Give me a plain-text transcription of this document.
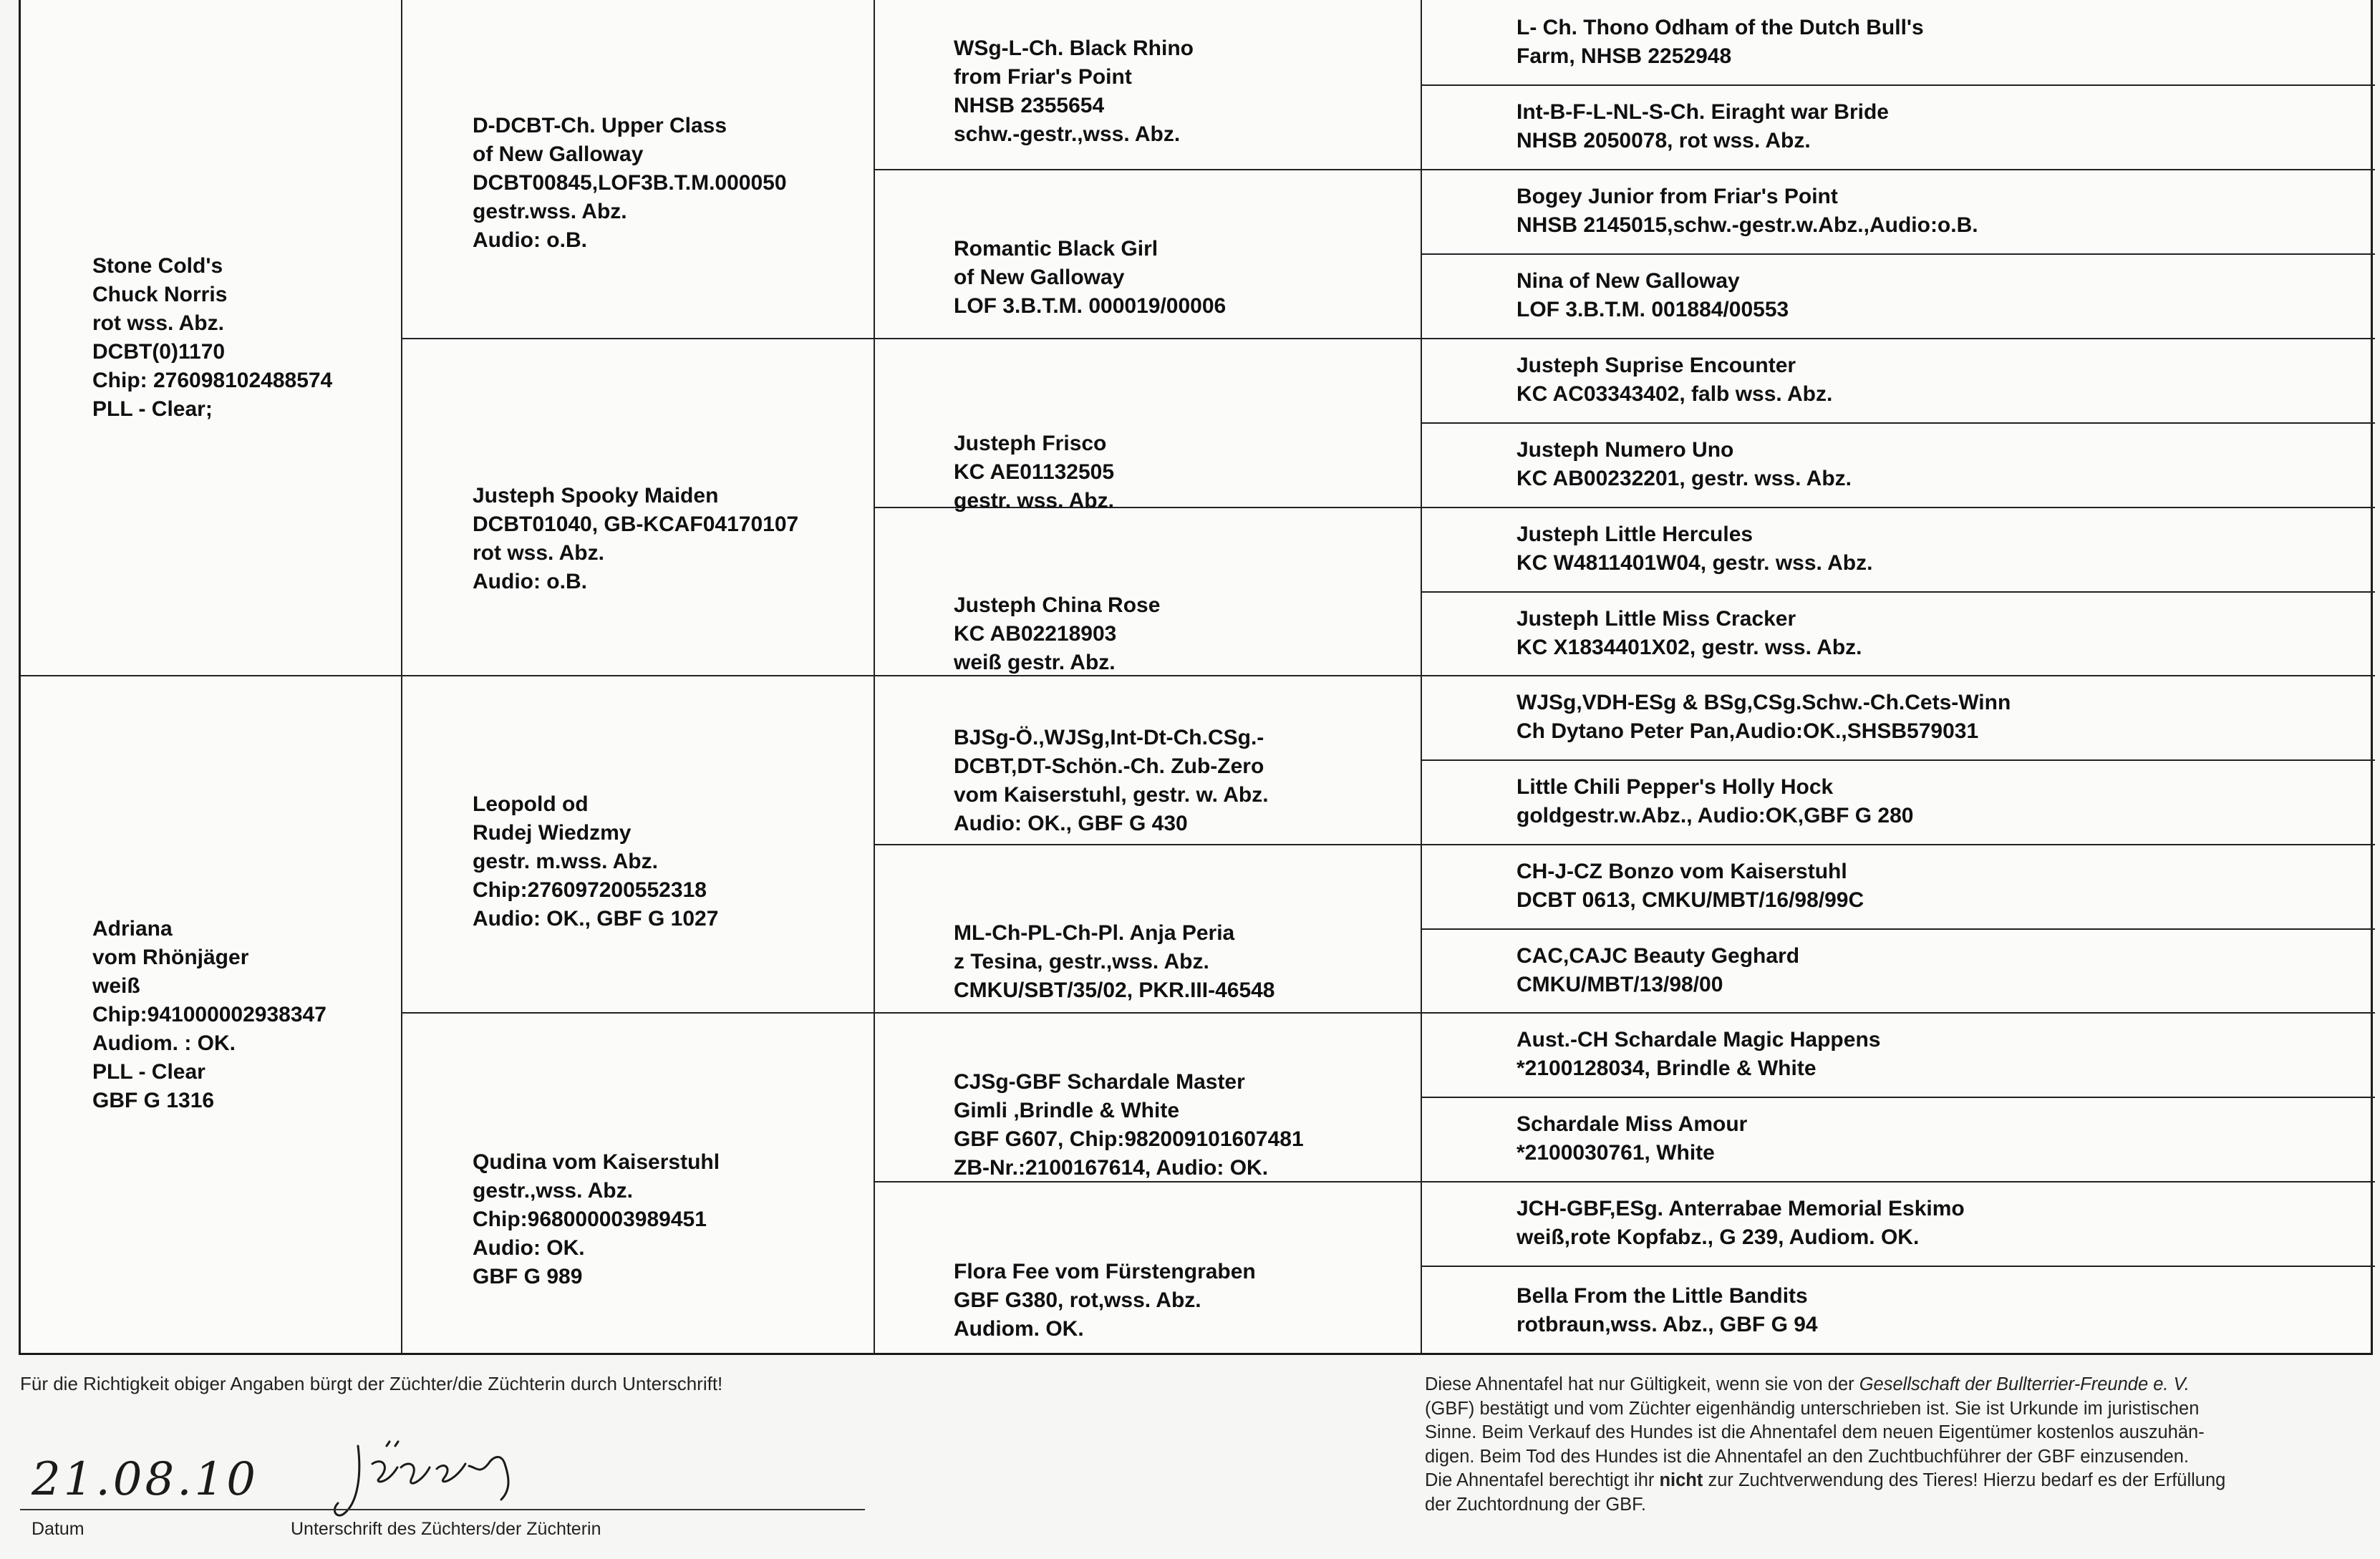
Stone Cold's
Chuck Norris
rot wss. Abz.
DCBT(0)1170
Chip: 276098102488574
PLL - Clear;
Adriana
vom Rhönjäger
weiß
Chip:941000002938347
Audiom. : OK.
PLL - Clear
GBF G 1316
D-DCBT-Ch. Upper Class
of New Galloway
DCBT00845,LOF3B.T.M.000050
gestr.wss. Abz.
Audio: o.B.
Justeph Spooky Maiden
DCBT01040, GB-KCAF04170107
rot wss. Abz.
Audio: o.B.
Leopold od
Rudej Wiedzmy
gestr. m.wss. Abz.
Chip:276097200552318
Audio: OK., GBF G 1027
Qudina vom Kaiserstuhl
gestr.,wss. Abz.
Chip:968000003989451
Audio: OK.
GBF G 989
WSg-L-Ch. Black Rhino
from Friar's Point
NHSB 2355654
schw.-gestr.,wss. Abz.
Romantic Black Girl
of New Galloway
LOF 3.B.T.M. 000019/00006
Justeph Frisco
KC AE01132505
gestr. wss. Abz.
Justeph China Rose
KC AB02218903
weiß gestr. Abz.
BJSg-Ö.,WJSg,Int-Dt-Ch.CSg.-
DCBT,DT-Schön.-Ch. Zub-Zero
vom Kaiserstuhl, gestr. w. Abz.
Audio: OK., GBF G 430
ML-Ch-PL-Ch-Pl. Anja Peria
z Tesina, gestr.,wss. Abz.
CMKU/SBT/35/02, PKR.III-46548
CJSg-GBF Schardale Master
Gimli ,Brindle & White
GBF G607, Chip:982009101607481
ZB-Nr.:2100167614, Audio: OK.
Flora Fee vom Fürstengraben
GBF G380, rot,wss. Abz.
Audiom. OK.
L- Ch. Thono Odham of the Dutch Bull's
Farm, NHSB 2252948
Int-B-F-L-NL-S-Ch. Eiraght war Bride
NHSB 2050078, rot wss. Abz.
Bogey Junior from Friar's Point
NHSB 2145015,schw.-gestr.w.Abz.,Audio:o.B.
Nina of New Galloway
LOF 3.B.T.M. 001884/00553
Justeph Suprise Encounter
KC AC03343402, falb wss. Abz.
Justeph Numero Uno
KC AB00232201, gestr. wss. Abz.
Justeph Little Hercules
KC W4811401W04, gestr. wss. Abz.
Justeph Little Miss Cracker
KC X1834401X02, gestr. wss. Abz.
WJSg,VDH-ESg & BSg,CSg.Schw.-Ch.Cets-Winn
Ch Dytano Peter Pan,Audio:OK.,SHSB579031
Little Chili Pepper's Holly Hock
goldgestr.w.Abz., Audio:OK,GBF G 280
CH-J-CZ Bonzo vom Kaiserstuhl
DCBT 0613, CMKU/MBT/16/98/99C
CAC,CAJC Beauty Geghard
CMKU/MBT/13/98/00
Aust.-CH Schardale Magic Happens
*2100128034, Brindle & White
Schardale Miss Amour
*2100030761, White
JCH-GBF,ESg. Anterrabae Memorial Eskimo
weiß,rote Kopfabz., G 239, Audiom. OK.
Bella From the Little Bandits
rotbraun,wss. Abz., GBF G 94
Für die Richtigkeit obiger Angaben bürgt der Züchter/die Züchterin durch Unterschrift!
21.08.10
Datum	Unterschrift des Züchters/der Züchterin
Diese Ahnentafel hat nur Gültigkeit, wenn sie von der Gesellschaft der Bullterrier-Freunde e. V.
(GBF) bestätigt und vom Züchter eigenhändig unterschrieben ist. Sie ist Urkunde im juristischen
Sinne. Beim Verkauf des Hundes ist die Ahnentafel dem neuen Eigentümer kostenlos auszuhän-
digen. Beim Tod des Hundes ist die Ahnentafel an den Zuchtbuchführer der GBF einzusenden.
Die Ahnentafel berechtigt ihr nicht zur Zuchtverwendung des Tieres! Hierzu bedarf es der Erfüllung
der Zuchtordnung der GBF.
